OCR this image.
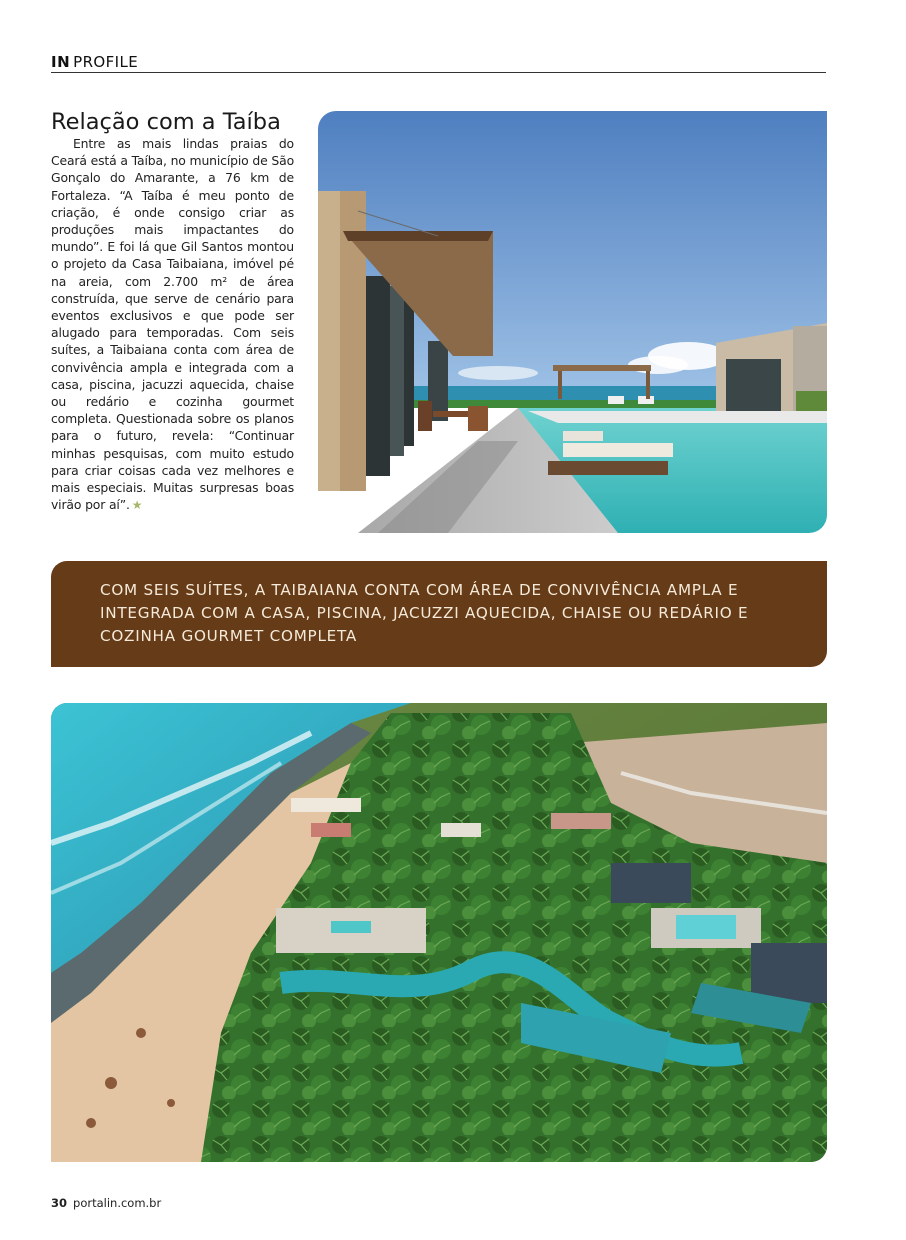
IN PROFILE
Relação com a Taíba

Entre as mais lindas praias do Ceará está a Taíba, no município de São Gonçalo do Amarante, a 76 km de Fortaleza. “A Taíba é meu ponto de criação, é onde consigo criar as produções mais impactantes do mundo”. E foi lá que Gil Santos montou o projeto da Casa Taibaiana, imóvel pé na areia, com 2.700 m² de área construída, que serve de cenário para eventos exclusivos e que pode ser alugado para temporadas. Com seis suítes, a Taibaiana conta com área de convivência ampla e integrada com a casa, piscina, jacuzzi aquecida, chaise ou redário e cozinha gourmet completa. Questionada sobre os planos para o futuro, revela: “Continuar minhas pesquisas, com muito estudo para criar coisas cada vez melhores e mais especiais. Muitas surpresas boas virão por aí”. ★

COM SEIS SUÍTES, A TAIBAIANA CONTA COM ÁREA DE CONVIVÊNCIA AMPLA E INTEGRADA COM A CASA, PISCINA, JACUZZI AQUECIDA, CHAISE OU REDÁRIO E COZINHA GOURMET COMPLETA

30 portalin.com.br
